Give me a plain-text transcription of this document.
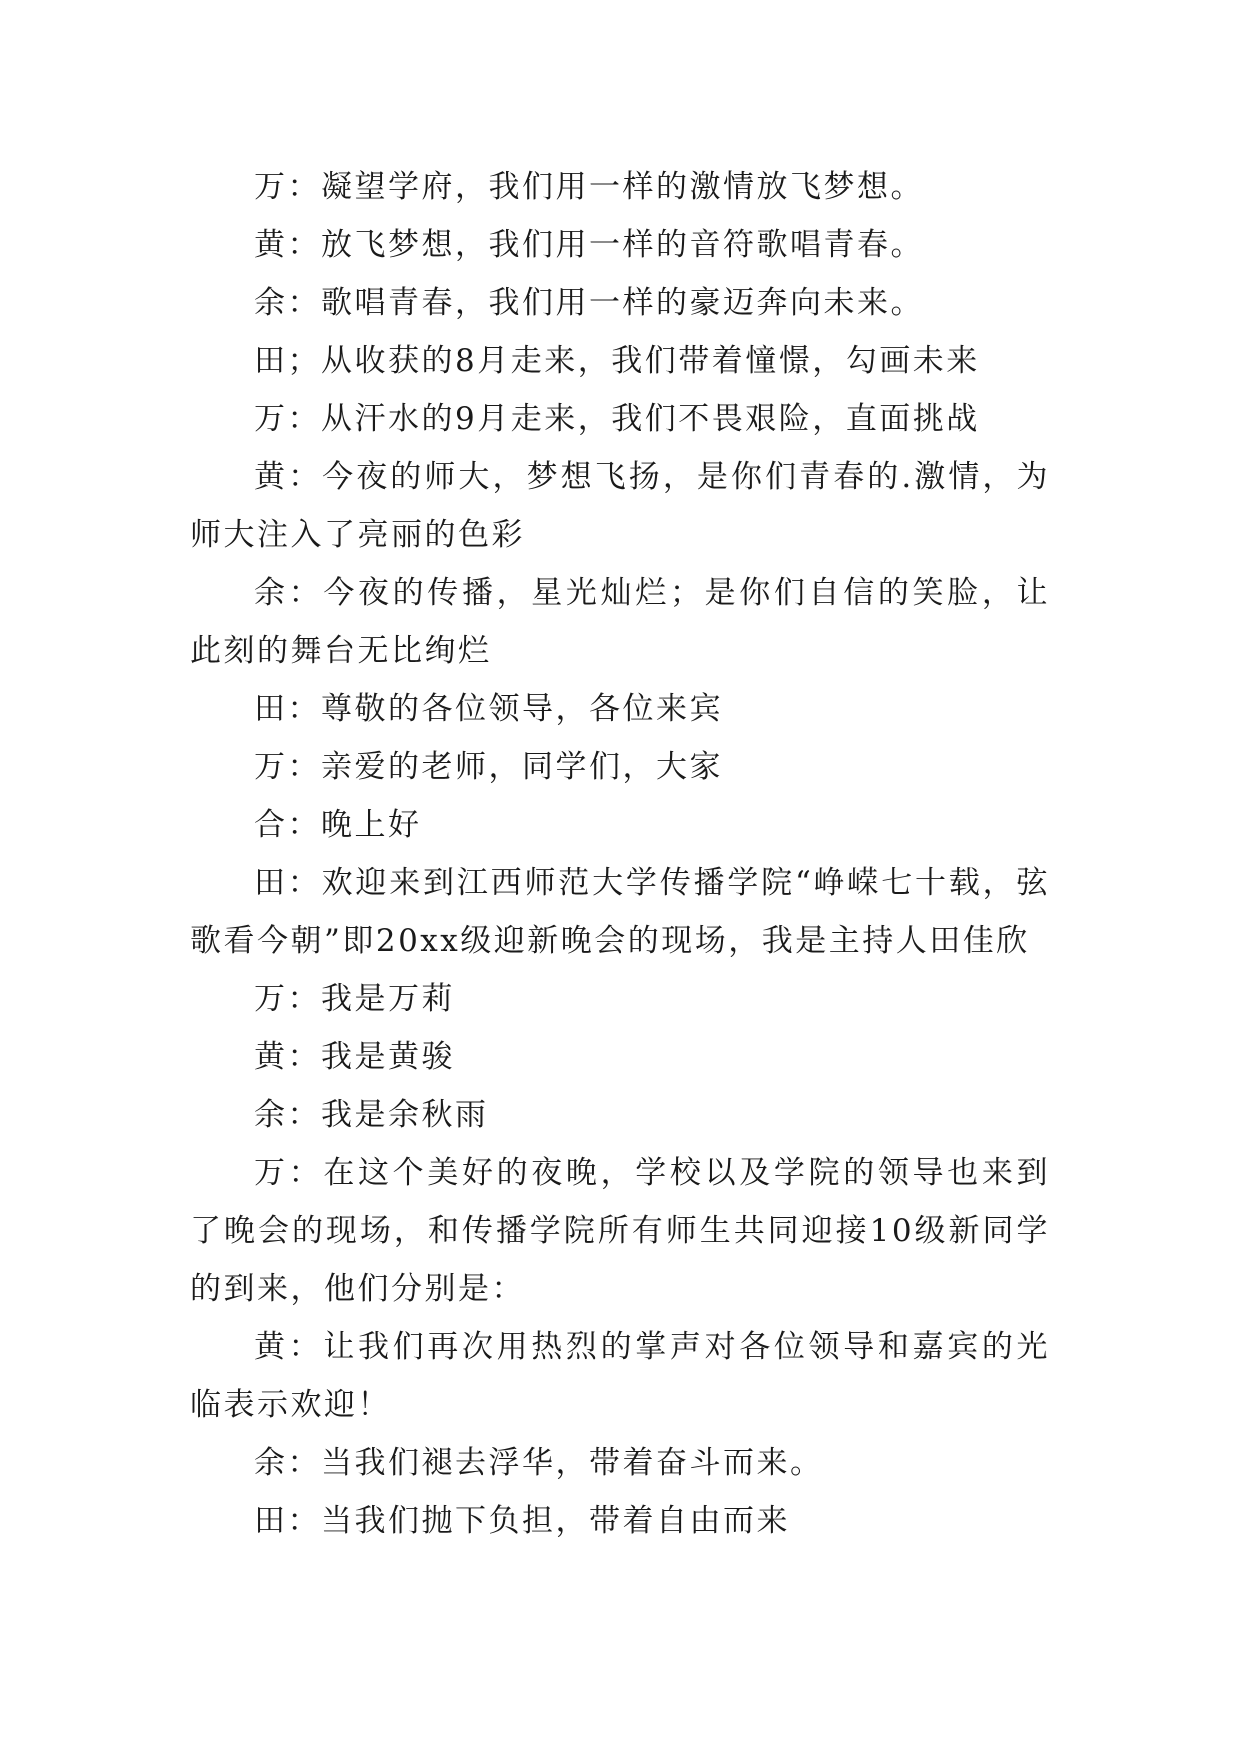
万：凝望学府，我们用一样的激情放飞梦想。

黄：放飞梦想，我们用一样的音符歌唱青春。

余：歌唱青春，我们用一样的豪迈奔向未来。

田；从收获的8月走来，我们带着憧憬，勾画未来

万：从汗水的9月走来，我们不畏艰险，直面挑战

黄：今夜的师大，梦想飞扬，是你们青春的.激情，为师大注入了亮丽的色彩

余：今夜的传播，星光灿烂；是你们自信的笑脸，让此刻的舞台无比绚烂

田：尊敬的各位领导，各位来宾

万：亲爱的老师，同学们，大家

合：晚上好

田：欢迎来到江西师范大学传播学院“峥嵘七十载，弦歌看今朝”即20xx级迎新晚会的现场，我是主持人田佳欣

万：我是万莉

黄：我是黄骏

余：我是余秋雨

万：在这个美好的夜晚，学校以及学院的领导也来到了晚会的现场，和传播学院所有师生共同迎接10级新同学的到来，他们分别是：

黄：让我们再次用热烈的掌声对各位领导和嘉宾的光临表示欢迎！

余：当我们褪去浮华，带着奋斗而来。

田：当我们抛下负担，带着自由而来
